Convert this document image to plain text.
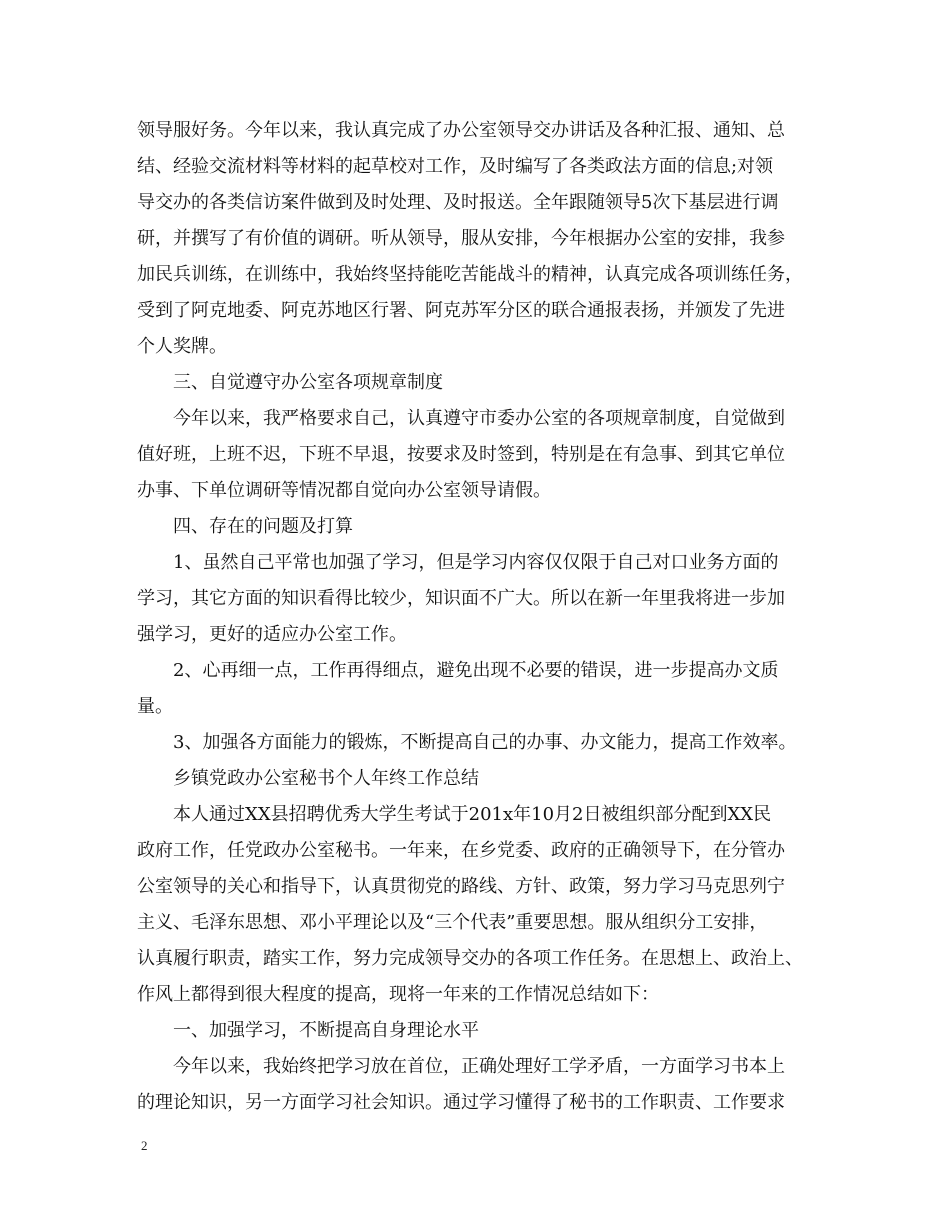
领导服好务。今年以来，我认真完成了办公室领导交办讲话及各种汇报、通知、总
结、经验交流材料等材料的起草校对工作，及时编写了各类政法方面的信息;对领
导交办的各类信访案件做到及时处理、及时报送。全年跟随领导5次下基层进行调
研，并撰写了有价值的调研。听从领导，服从安排，今年根据办公室的安排，我参
加民兵训练，在训练中，我始终坚持能吃苦能战斗的精神，认真完成各项训练任务，
受到了阿克地委、阿克苏地区行署、阿克苏军分区的联合通报表扬，并颁发了先进
个人奖牌。
三、自觉遵守办公室各项规章制度
今年以来，我严格要求自己，认真遵守市委办公室的各项规章制度，自觉做到
值好班，上班不迟，下班不早退，按要求及时签到，特别是在有急事、到其它单位
办事、下单位调研等情况都自觉向办公室领导请假。
四、存在的问题及打算
1、虽然自己平常也加强了学习，但是学习内容仅仅限于自己对口业务方面的
学习，其它方面的知识看得比较少，知识面不广大。所以在新一年里我将进一步加
强学习，更好的适应办公室工作。
2、心再细一点，工作再得细点，避免出现不必要的错误，进一步提高办文质
量。
3、加强各方面能力的锻炼，不断提高自己的办事、办文能力，提高工作效率。
乡镇党政办公室秘书个人年终工作总结
本人通过XX县招聘优秀大学生考试于201x年10月2日被组织部分配到XX民
政府工作，任党政办公室秘书。一年来，在乡党委、政府的正确领导下，在分管办
公室领导的关心和指导下，认真贯彻党的路线、方针、政策，努力学习马克思列宁
主义、毛泽东思想、邓小平理论以及“三个代表”重要思想。服从组织分工安排，
认真履行职责，踏实工作，努力完成领导交办的各项工作任务。在思想上、政治上、
作风上都得到很大程度的提高，现将一年来的工作情况总结如下：
一、加强学习，不断提高自身理论水平
今年以来，我始终把学习放在首位，正确处理好工学矛盾，一方面学习书本上
的理论知识，另一方面学习社会知识。通过学习懂得了秘书的工作职责、工作要求
2
